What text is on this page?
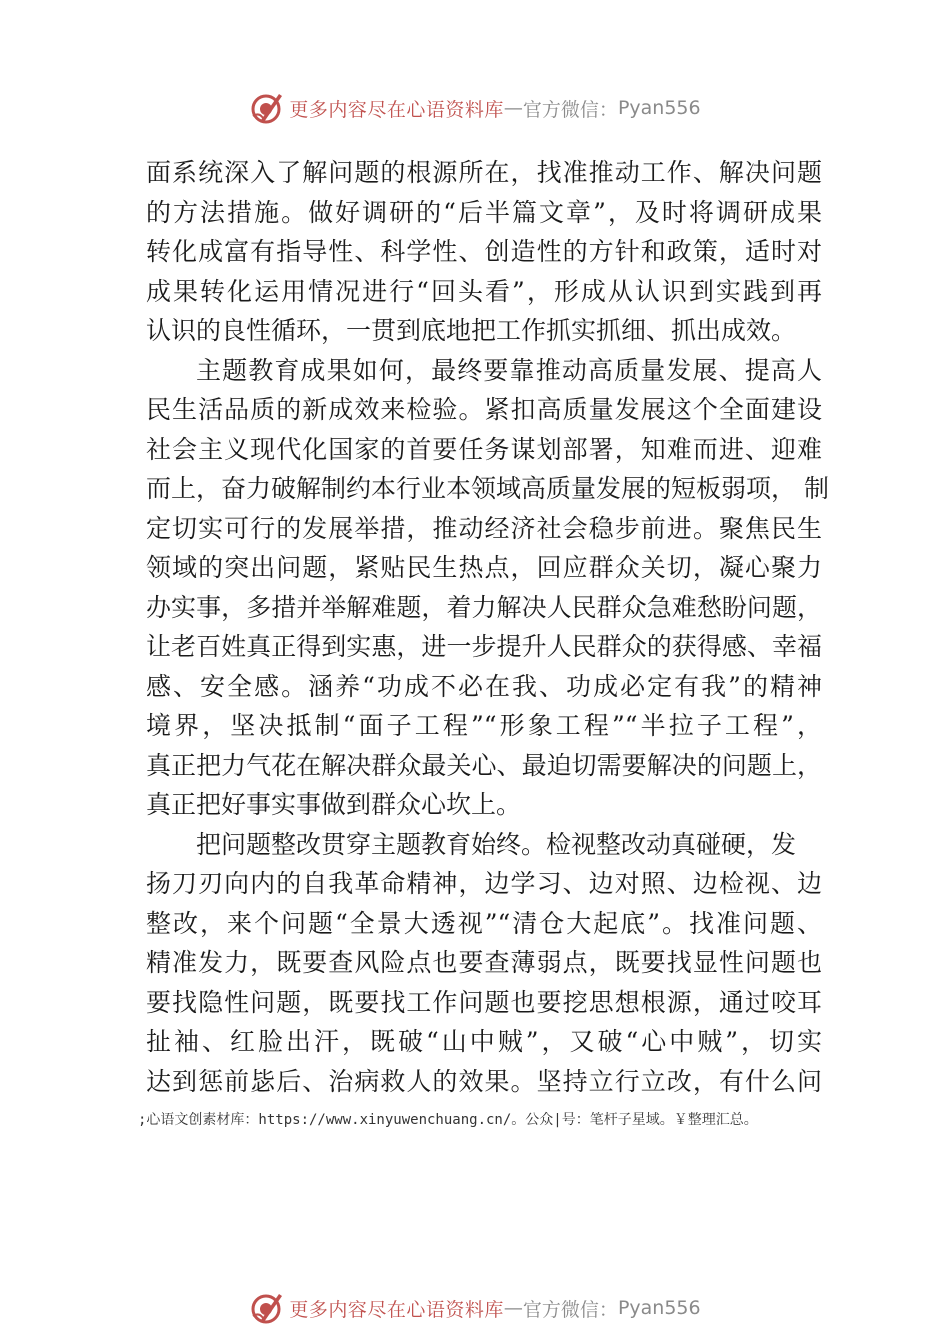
更多内容尽在心语资料库 — 官方微信： Pyan556
面系统深入了解问题的根源所在，找准推动工作、解决问题
的方法措施。做好调研的“后半篇文章”，及时将调研成果
转化成富有指导性、科学性、创造性的方针和政策，适时对
成果转化运用情况进行“回头看”，形成从认识到实践到再
认识的良性循环，一贯到底地把工作抓实抓细、抓出成效。
主题教育成果如何，最终要靠推动高质量发展、提高人
民生活品质的新成效来检验。紧扣高质量发展这个全面建设
社会主义现代化国家的首要任务谋划部署，知难而进、迎难
而上，奋力破解制约本行业本领域高质量发展的短板弱项， 制
定切实可行的发展举措，推动经济社会稳步前进。聚焦民生
领域的突出问题，紧贴民生热点，回应群众关切，凝心聚力
办实事，多措并举解难题，着力解决人民群众急难愁盼问题，
让老百姓真正得到实惠，进一步提升人民群众的获得感、幸福
感、安全感。涵养“功成不必在我、功成必定有我”的精神
境界，坚决抵制“面子工程”“形象工程”“半拉子工程”，
真正把力气花在解决群众最关心、最迫切需要解决的问题上，
真正把好事实事做到群众心坎上。
把问题整改贯穿主题教育始终。检视整改动真碰硬，发
扬刀刃向内的自我革命精神，边学习、边对照、边检视、边
整改，来个问题“全景大透视”“清仓大起底”。找准问题、
精准发力，既要查风险点也要查薄弱点，既要找显性问题也
要找隐性问题，既要找工作问题也要挖思想根源，通过咬耳
扯袖、红脸出汗，既破“山中贼”，又破“心中贼”，切实
达到惩前毖后、治病救人的效果。坚持立行立改，有什么问
;心语文创素材库：https://www.xinyuwenchuang.cn/。公众|号：笔杆子星域。￥整理汇总。
更多内容尽在心语资料库 — 官方微信： Pyan556
